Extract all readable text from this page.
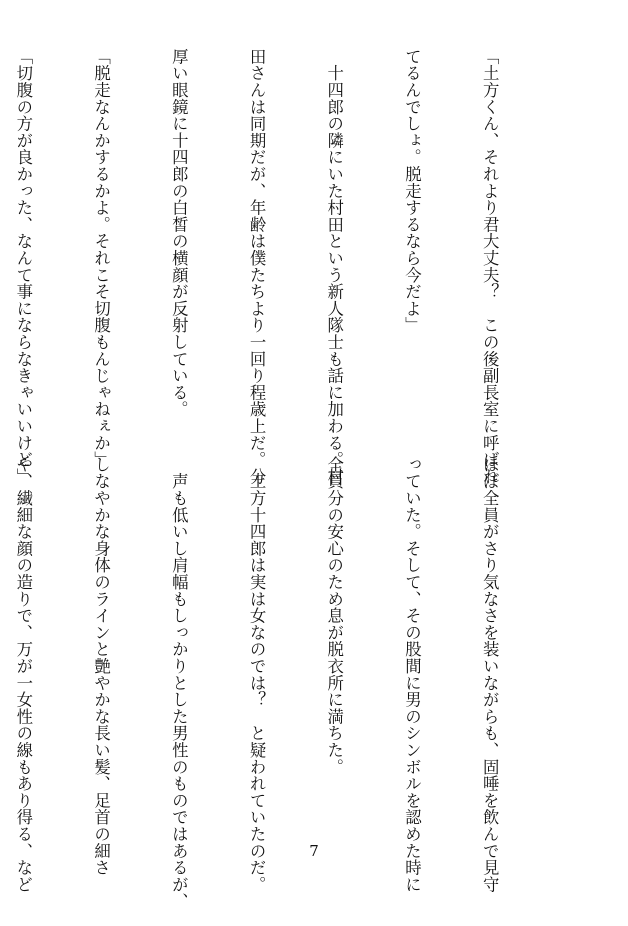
「土方くん、それより君大丈夫？　この後副長室に呼ばれ

てるんでしょ。脱走するなら今だよ」

　十四郎の隣にいた村田という新人隊士も話に加わる。村

田さんは同期だが、年齢は僕たちより一回り程歳上だ。分

厚い眼鏡に十四郎の白皙の横顔が反射している。

「脱走なんかするかよ。それこそ切腹もんじゃねぇか」

「切腹の方が良かった、なんて事にならなきゃいいけど」

ほぼ全員がさり気なさを装いながらも、固唾を飲んで見守

っていた。そして、その股間に男のシンボルを認めた時に

全員分の安心のため息が脱衣所に満ちた。

　土方十四郎は実は女なのでは？　と疑われていたのだ。

　声も低いし肩幅もしっかりとした男性のものではあるが、

しなやかな身体のラインと艶やかな長い髪、足首の細さ

や、繊細な顔の造りで、万が一女性の線もあり得る、など

	7
